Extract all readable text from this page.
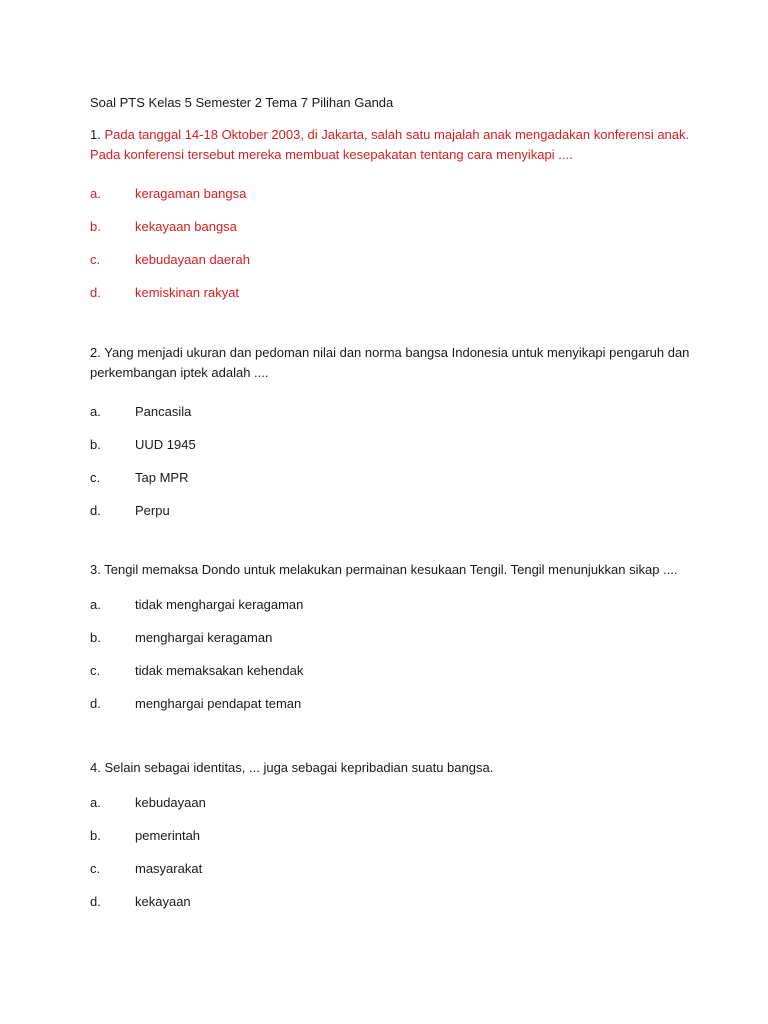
Soal PTS Kelas 5 Semester 2 Tema 7 Pilihan Ganda

1. Pada tanggal 14-18 Oktober 2003, di Jakarta, salah satu majalah anak mengadakan konferensi anak. Pada konferensi tersebut mereka membuat kesepakatan tentang cara menyikapi ....

a.	keragaman bangsa
b.	kekayaan bangsa
c.	kebudayaan daerah
d.	kemiskinan rakyat

2. Yang menjadi ukuran dan pedoman nilai dan norma bangsa Indonesia untuk menyikapi pengaruh dan perkembangan iptek adalah ....

a.	Pancasila
b.	UUD 1945
c.	Tap MPR
d.	Perpu

3. Tengil memaksa Dondo untuk melakukan permainan kesukaan Tengil. Tengil menunjukkan sikap ....

a.	tidak menghargai keragaman
b.	menghargai keragaman
c.	tidak memaksakan kehendak
d.	menghargai pendapat teman

4. Selain sebagai identitas, ... juga sebagai kepribadian suatu bangsa.

a.	kebudayaan
b.	pemerintah
c.	masyarakat
d.	kekayaan
